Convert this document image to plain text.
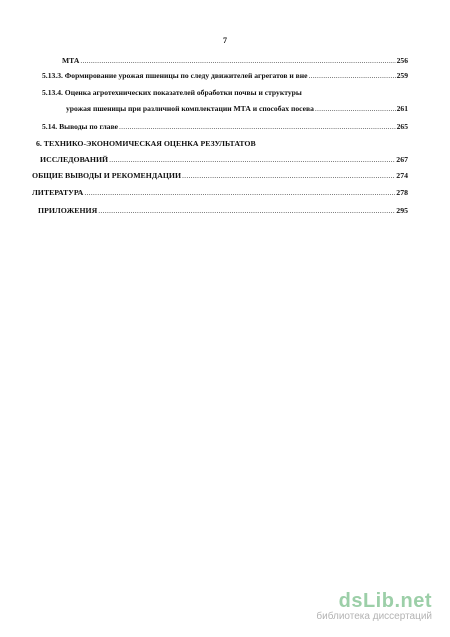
7
МТА .....	256
5.13.3. Формирование урожая пшеницы по следу движителей агрегатов и вне .....	259
5.13.4. Оценка агротехнических показателей обработки почвы и структуры
урожая пшеницы при различной комплектации МТА и способах посева .....	261
5.14. Выводы по главе .....	265
6. ТЕХНИКО-ЭКОНОМИЧЕСКАЯ ОЦЕНКА РЕЗУЛЬТАТОВ
ИССЛЕДОВАНИЙ .....	267
ОБЩИЕ ВЫВОДЫ И РЕКОМЕНДАЦИИ .....	274
ЛИТЕРАТУРА .....	278
ПРИЛОЖЕНИЯ .....	295
dsLib.net
библиотека диссертаций
